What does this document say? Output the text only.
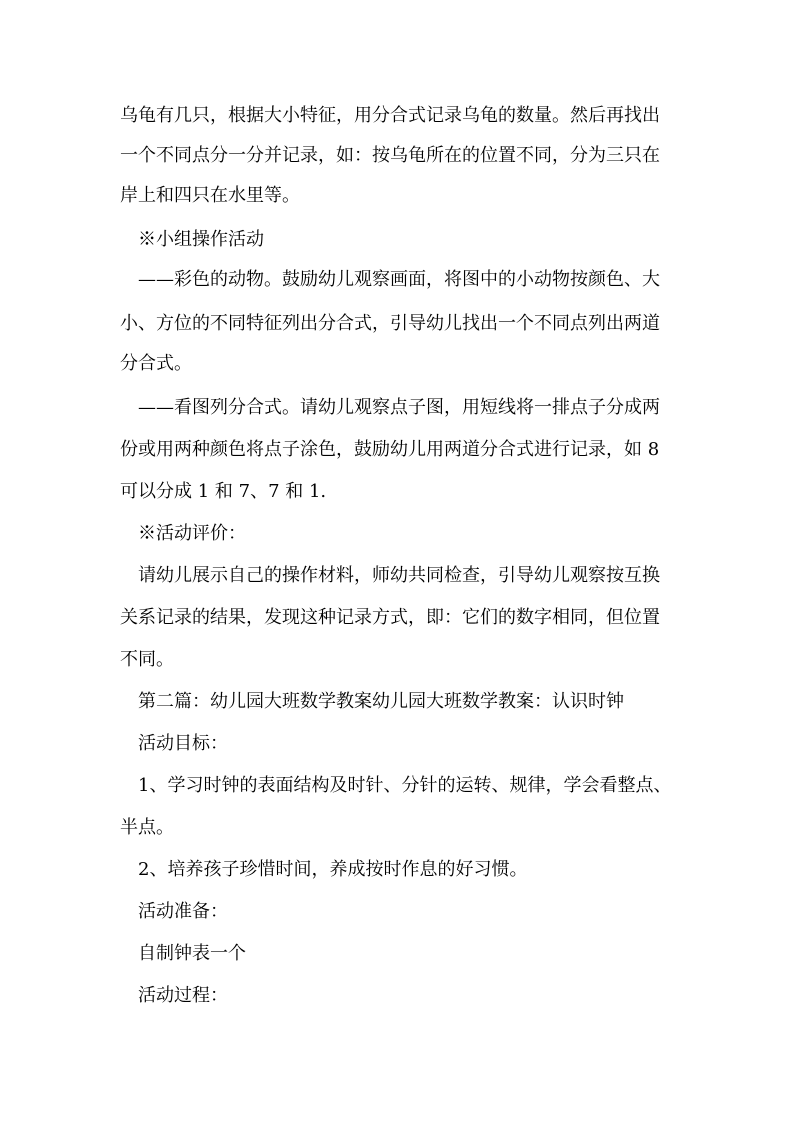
乌龟有几只，根据大小特征，用分合式记录乌龟的数量。然后再找出
一个不同点分一分并记录，如：按乌龟所在的位置不同，分为三只在
岸上和四只在水里等。
※小组操作活动
——彩色的动物。鼓励幼儿观察画面，将图中的小动物按颜色、大
小、方位的不同特征列出分合式，引导幼儿找出一个不同点列出两道
分合式。
——看图列分合式。请幼儿观察点子图，用短线将一排点子分成两
份或用两种颜色将点子涂色，鼓励幼儿用两道分合式进行记录，如 8
可以分成 1 和 7、7 和 1.
※活动评价：
请幼儿展示自己的操作材料，师幼共同检查，引导幼儿观察按互换
关系记录的结果，发现这种记录方式，即：它们的数字相同，但位置
不同。
第二篇：幼儿园大班数学教案幼儿园大班数学教案：认识时钟
活动目标：
1、学习时钟的表面结构及时针、分针的运转、规律，学会看整点、
半点。
2、培养孩子珍惜时间，养成按时作息的好习惯。
活动准备：
自制钟表一个
活动过程：
